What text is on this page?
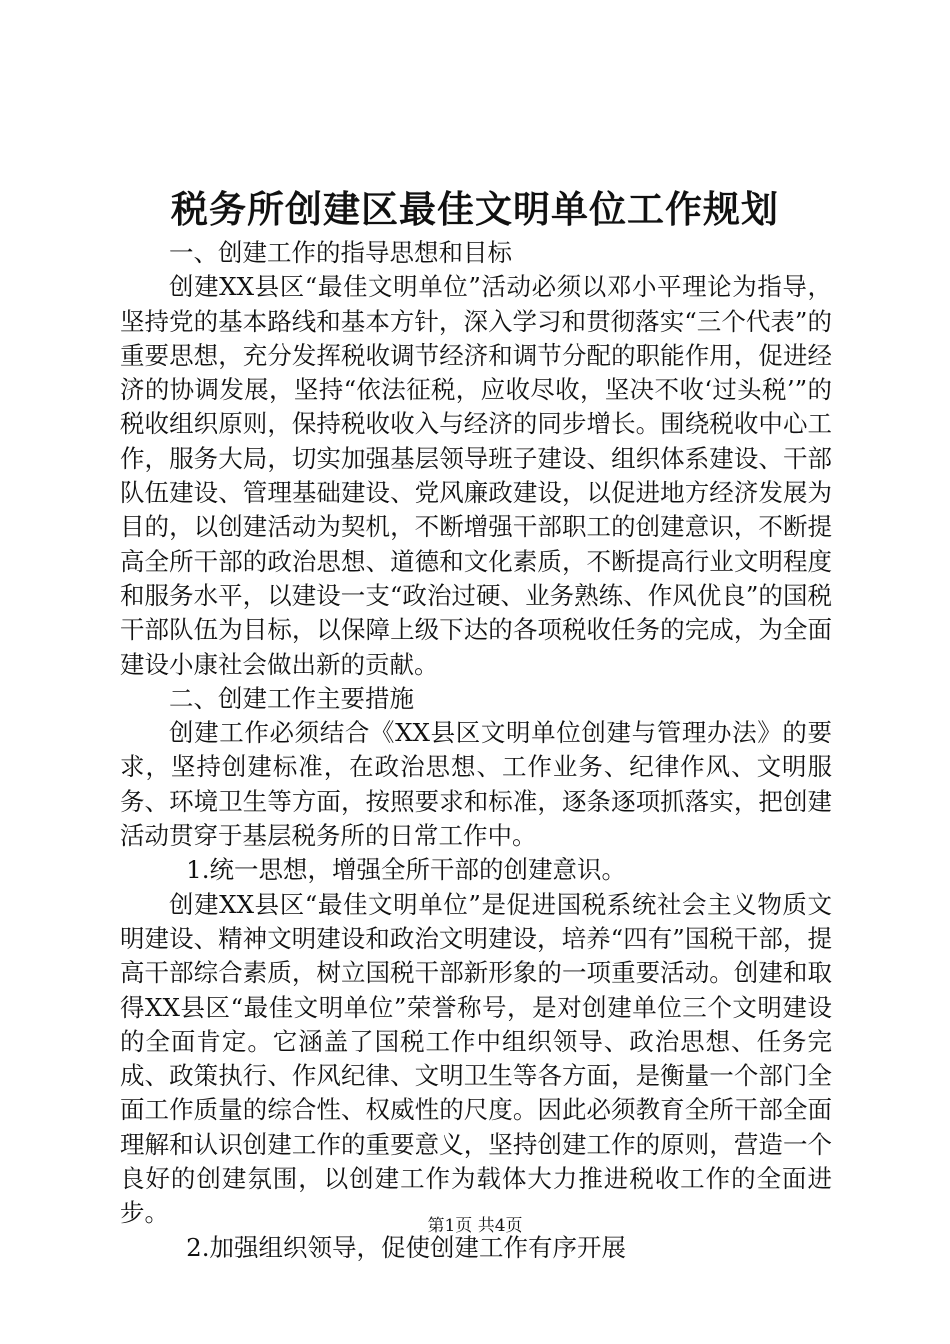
税务所创建区最佳文明单位工作规划

一、创建工作的指导思想和目标

创建XX县区“最佳文明单位”活动必须以邓小平理论为指导，坚持党的基本路线和基本方针，深入学习和贯彻落实“三个代表”的重要思想，充分发挥税收调节经济和调节分配的职能作用，促进经济的协调发展，坚持“依法征税，应收尽收，坚决不收‘过头税’”的税收组织原则，保持税收收入与经济的同步增长。围绕税收中心工作，服务大局，切实加强基层领导班子建设、组织体系建设、干部队伍建设、管理基础建设、党风廉政建设，以促进地方经济发展为目的，以创建活动为契机，不断增强干部职工的创建意识，不断提高全所干部的政治思想、道德和文化素质，不断提高行业文明程度和服务水平，以建设一支“政治过硬、业务熟练、作风优良”的国税干部队伍为目标，以保障上级下达的各项税收任务的完成，为全面建设小康社会做出新的贡献。

二、创建工作主要措施

创建工作必须结合《XX县区文明单位创建与管理办法》的要求，坚持创建标准，在政治思想、工作业务、纪律作风、文明服务、环境卫生等方面，按照要求和标准，逐条逐项抓落实，把创建活动贯穿于基层税务所的日常工作中。

1.统一思想，增强全所干部的创建意识。

创建XX县区“最佳文明单位”是促进国税系统社会主义物质文明建设、精神文明建设和政治文明建设，培养“四有”国税干部，提高干部综合素质，树立国税干部新形象的一项重要活动。创建和取得XX县区“最佳文明单位”荣誉称号，是对创建单位三个文明建设的全面肯定。它涵盖了国税工作中组织领导、政治思想、任务完成、政策执行、作风纪律、文明卫生等各方面，是衡量一个部门全面工作质量的综合性、权威性的尺度。因此必须教育全所干部全面理解和认识创建工作的重要意义，坚持创建工作的原则，营造一个良好的创建氛围，以创建工作为载体大力推进税收工作的全面进步。

2.加强组织领导，促使创建工作有序开展

第1页 共4页
